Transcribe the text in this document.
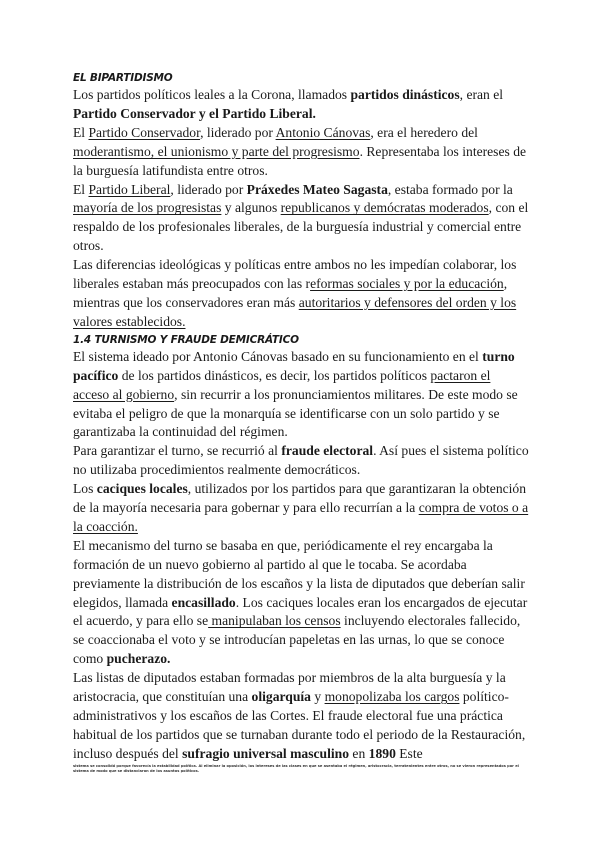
EL BIPARTIDISMO

Los partidos políticos leales a la Corona, llamados partidos dinásticos, eran el Partido Conservador y el Partido Liberal.

El Partido Conservador, liderado por Antonio Cánovas, era el heredero del moderantismo, el unionismo y parte del progresismo. Representaba los intereses de la burguesía latifundista entre otros.

El Partido Liberal, liderado por Práxedes Mateo Sagasta, estaba formado por la mayoría de los progresistas y algunos republicanos y demócratas moderados, con el respaldo de los profesionales liberales, de la burguesía industrial y comercial entre otros.

Las diferencias ideológicas y políticas entre ambos no les impedían colaborar, los liberales estaban más preocupados con las reformas sociales y por la educación, mientras que los conservadores eran más autoritarios y defensores del orden y los valores establecidos.

1.4 TURNISMO Y FRAUDE DEMICRÁTICO

El sistema ideado por Antonio Cánovas basado en su funcionamiento en el turno pacífico de los partidos dinásticos, es decir, los partidos políticos pactaron el acceso al gobierno, sin recurrir a los pronunciamientos militares. De este modo se evitaba el peligro de que la monarquía se identificarse con un solo partido y se garantizaba la continuidad del régimen.

Para garantizar el turno, se recurrió al fraude electoral. Así pues el sistema político no utilizaba procedimientos realmente democráticos.

Los caciques locales, utilizados por los partidos para que garantizaran la obtención de la mayoría necesaria para gobernar y para ello recurrían a la compra de votos o a la coacción.

El mecanismo del turno se basaba en que, periódicamente el rey encargaba la formación de un nuevo gobierno al partido al que le tocaba. Se acordaba previamente la distribución de los escaños y la lista de diputados que deberían salir elegidos, llamada encasillado. Los caciques locales eran los encargados de ejecutar el acuerdo, y para ello se manipulaban los censos incluyendo electorales fallecido, se coaccionaba el voto y se introducían papeletas en las urnas, lo que se conoce como pucherazo.

Las listas de diputados estaban formadas por miembros de la alta burguesía y la aristocracia, que constituían una oligarquía y monopolizaba los cargos político-administrativos y los escaños de las Cortes. El fraude electoral fue una práctica habitual de los partidos que se turnaban durante todo el periodo de la Restauración, incluso después del sufragio universal masculino en 1890 Este

sistema se consolidó porque favorecía la estabilidad política. Al eliminar la oposición, los intereses de las clases en que se asentaba el régimen, aristocracia, terratenientes entre otros, no se vieron representados por el sistema de modo que se distanciaron de los asuntos políticos.
